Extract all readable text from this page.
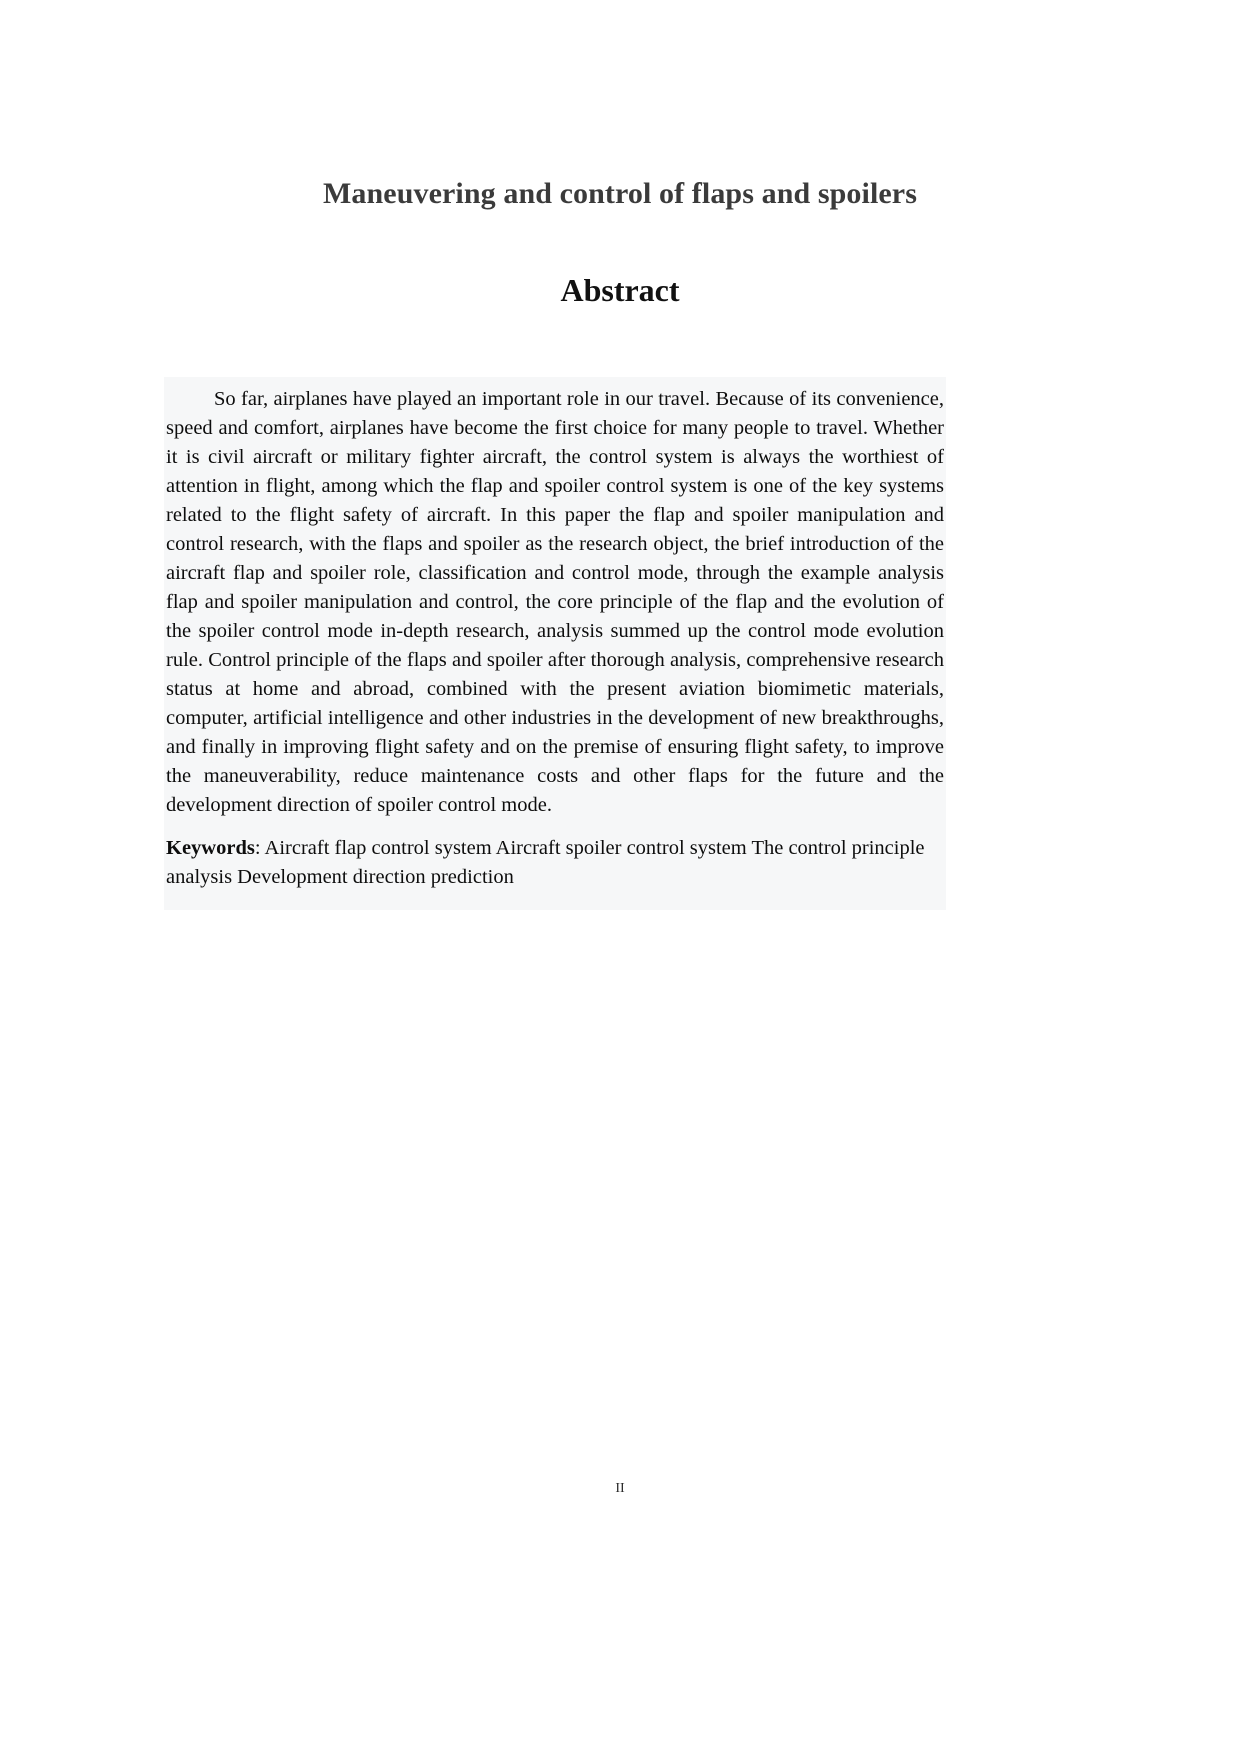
Maneuvering and control of flaps and spoilers
Abstract

So far, airplanes have played an important role in our travel. Because of its convenience, speed and comfort, airplanes have become the first choice for many people to travel. Whether it is civil aircraft or military fighter aircraft, the control system is always the worthiest of attention in flight, among which the flap and spoiler control system is one of the key systems related to the flight safety of aircraft. In this paper the flap and spoiler manipulation and control research, with the flaps and spoiler as the research object, the brief introduction of the aircraft flap and spoiler role, classification and control mode, through the example analysis flap and spoiler manipulation and control, the core principle of the flap and the evolution of the spoiler control mode in-depth research, analysis summed up the control mode evolution rule. Control principle of the flaps and spoiler after thorough analysis, comprehensive research status at home and abroad, combined with the present aviation biomimetic materials, computer, artificial intelligence and other industries in the development of new breakthroughs, and finally in improving flight safety and on the premise of ensuring flight safety, to improve the maneuverability, reduce maintenance costs and other flaps for the future and the development direction of spoiler control mode.

Keywords: Aircraft flap control system Aircraft spoiler control system The control principle analysis Development direction prediction

II
